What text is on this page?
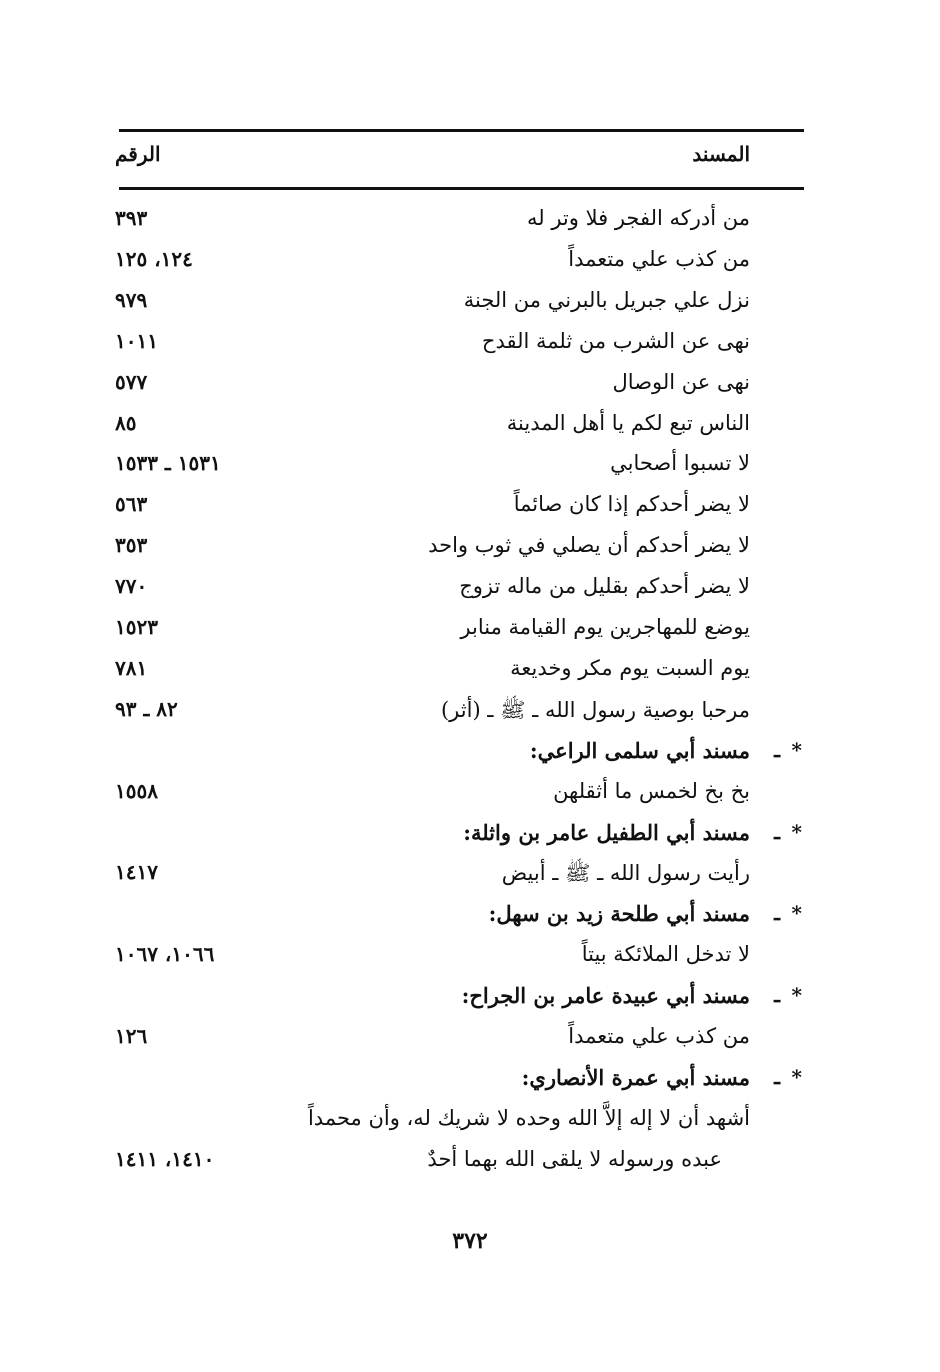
المسند
الرقم
من أدركه الفجر فلا وتر له
٣٩٣
من كذب علي متعمداً
١٢٤، ١٢٥
نزل علي جبريل بالبرني من الجنة
٩٧٩
نهى عن الشرب من ثلمة القدح
١٠١١
نهى عن الوصال
٥٧٧
الناس تبع لكم يا أهل المدينة
٨٥
لا تسبوا أصحابي
١٥٣١ ـ ١٥٣٣
لا يضر أحدكم إذا كان صائماً
٥٦٣
لا يضر أحدكم أن يصلي في ثوب واحد
٣٥٣
لا يضر أحدكم بقليل من ماله تزوج
٧٧٠
يوضع للمهاجرين يوم القيامة منابر
١٥٢٣
يوم السبت يوم مكر وخديعة
٧٨١
مرحبا بوصية رسول الله ـ ﷺ ـ (أثر)
٨٢ ـ ٩٣
*
ـ
مسند أبي سلمى الراعي:
بخ بخ لخمس ما أثقلهن
١٥٥٨
*
ـ
مسند أبي الطفيل عامر بن واثلة:
رأيت رسول الله ـ ﷺ ـ أبيض
١٤١٧
*
ـ
مسند أبي طلحة زيد بن سهل:
لا تدخل الملائكة بيتاً
١٠٦٦، ١٠٦٧
*
ـ
مسند أبي عبيدة عامر بن الجراح:
من كذب علي متعمداً
١٢٦
*
ـ
مسند أبي عمرة الأنصاري:
أشهد أن لا إله إلاَّ الله وحده لا شريك له، وأن محمداً
عبده ورسوله لا يلقى الله بهما أحدٌ
١٤١٠، ١٤١١
٣٧٢
